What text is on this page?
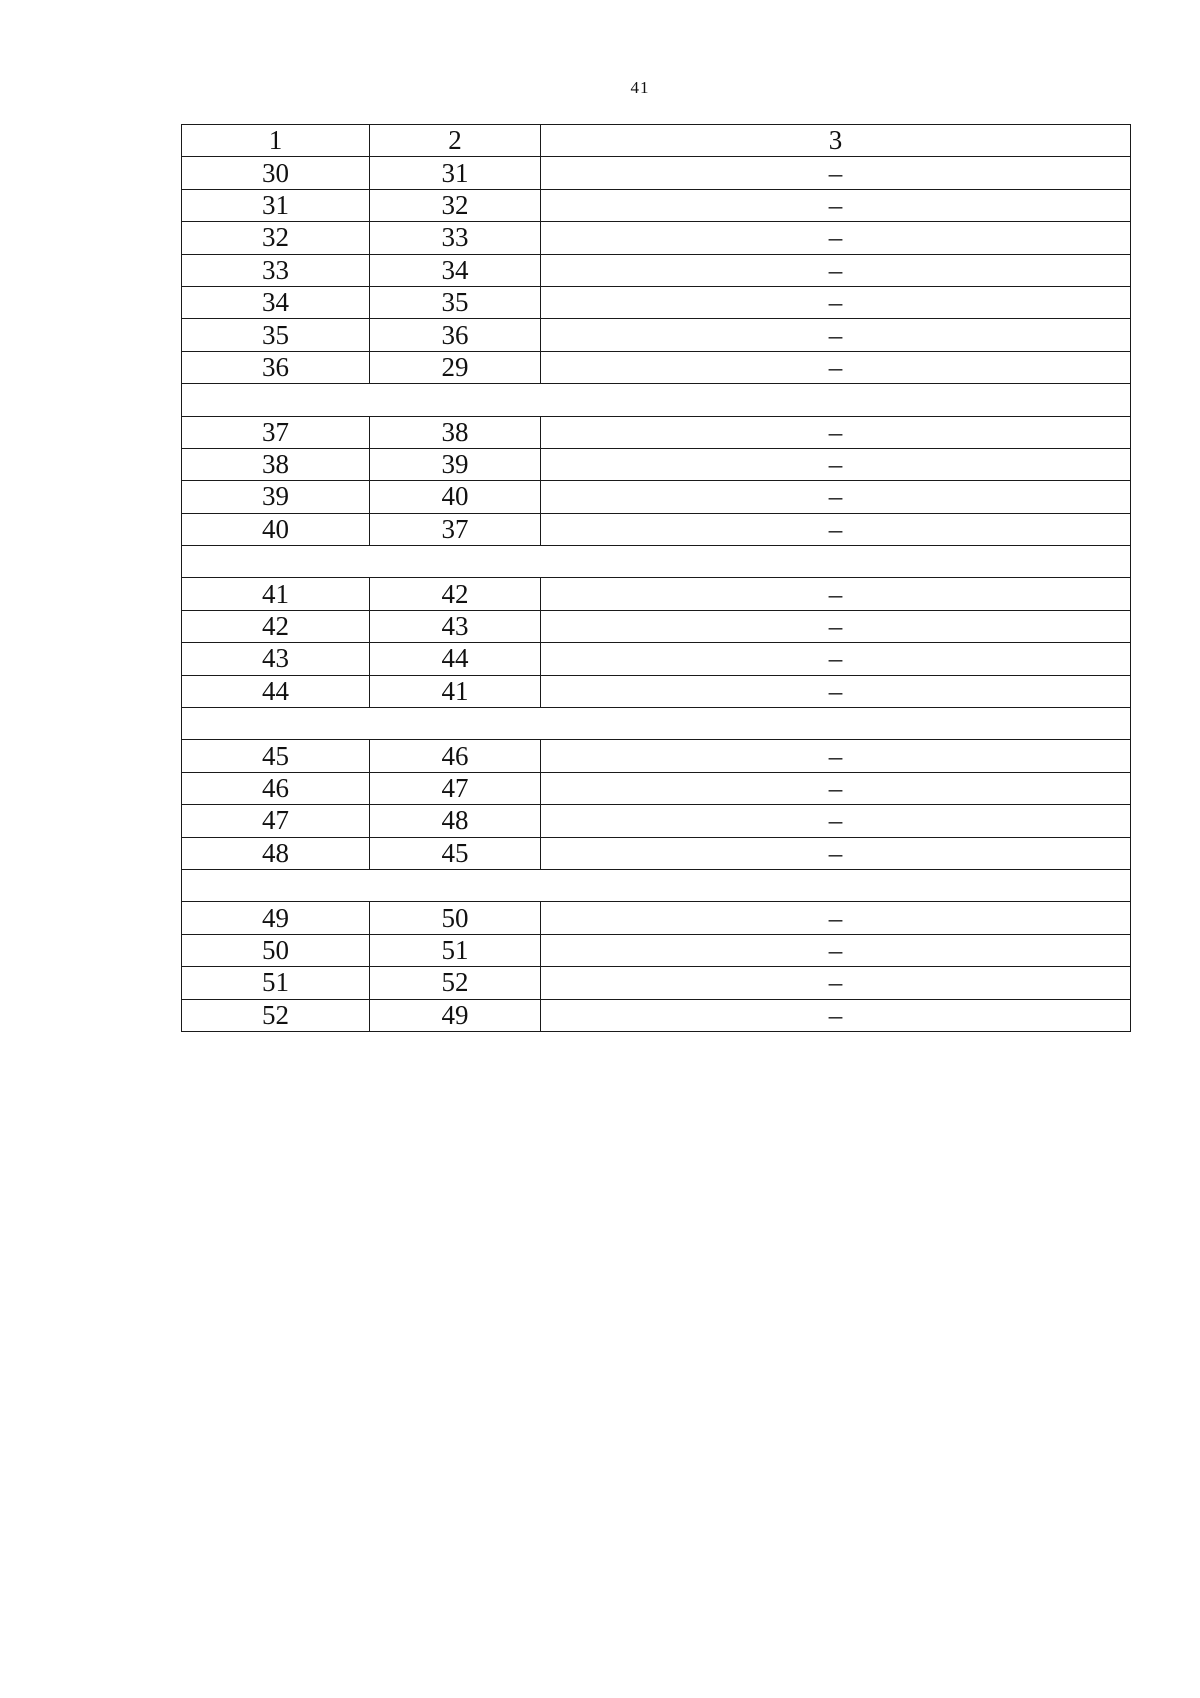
41
1	2	3
30	31	–
31	32	–
32	33	–
33	34	–
34	35	–
35	36	–
36	29	–

37	38	–
38	39	–
39	40	–
40	37	–

41	42	–
42	43	–
43	44	–
44	41	–

45	46	–
46	47	–
47	48	–
48	45	–

49	50	–
50	51	–
51	52	–
52	49	–
